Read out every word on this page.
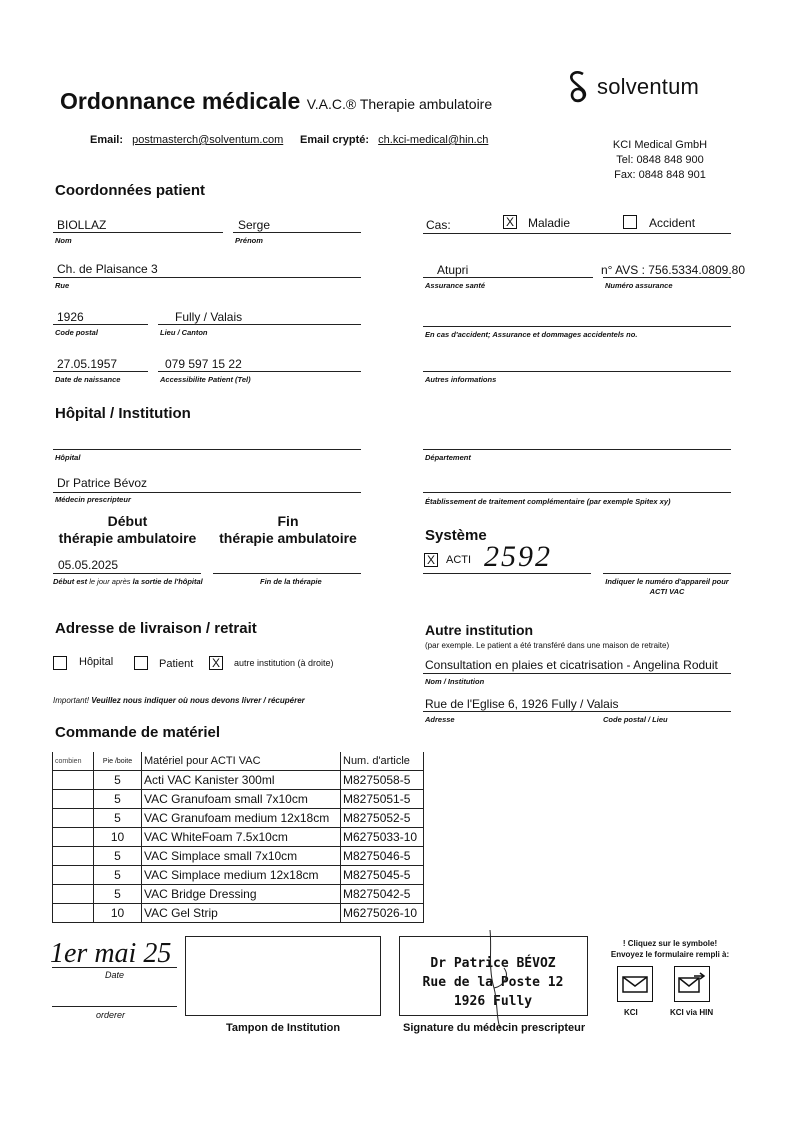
Ordonnance médicale V.A.C.® Therapie ambulatoire
solventum
Email: postmasterch@solventum.com Email crypté: ch.kci-medical@hin.ch	KCI Medical GmbH
Tel: 0848 848 900
Fax: 0848 848 901
Coordonnées patient
BIOLLAZ
Nom
Serge
Prénom
Ch. de Plaisance 3
Rue
1926
Code postal
Fully / Valais
Lieu / Canton
27.05.1957
Date de naissance
079 597 15 22
Accessibilite Patient (Tel)
Cas:	X Maladie	Accident
Atupri
Assurance santé
n° AVS : 756.5334.0809.80
Numéro assurance
En cas d'accident; Assurance et dommages accidentels no.
Autres informations
Hôpital / Institution
Hôpital	Département
Dr Patrice Bévoz
Médecin prescripteur	Établissement de traitement complémentaire (par exemple Spitex xy)
Début
thérapie ambulatoire
Fin
thérapie ambulatoire
05.05.2025
Début est le jour après la sortie de l'hôpital	Fin de la thérapie
Système
X ACTI 2592
Indiquer le numéro d'appareil pour
ACTI VAC
Adresse de livraison / retrait
Hôpital	Patient X	autre institution (à droite)
Important! Veuillez nous indiquer où nous devons livrer / récupérer
Autre institution
(par exemple. Le patient a été transféré dans une maison de retraite)
Consultation en plaies et cicatrisation - Angelina Roduit
Nom / Institution
Rue de l'Eglise 6, 1926 Fully / Valais
Adresse	Code postal / Lieu
Commande de matériel
combien	Pie /boite	Matériel pour ACTI VAC	Num. d'article
	5	Acti VAC Kanister 300ml	M8275058-5
	5	VAC Granufoam small 7x10cm	M8275051-5
	5	VAC Granufoam medium 12x18cm	M8275052-5
	10	VAC WhiteFoam 7.5x10cm	M6275033-10
	5	VAC Simplace small 7x10cm	M8275046-5
	5	VAC Simplace medium 12x18cm	M8275045-5
	5	VAC Bridge Dressing	M8275042-5
	10	VAC Gel Strip	M6275026-10
1er mai 25
Date
orderer
Tampon de Institution
Dr Patrice BÉVOZ
Rue de la Poste 12
1926 Fully
Signature du médecin prescripteur
! Cliquez sur le symbole!
Envoyez le formulaire rempli à:
KCI	KCI via HIN
